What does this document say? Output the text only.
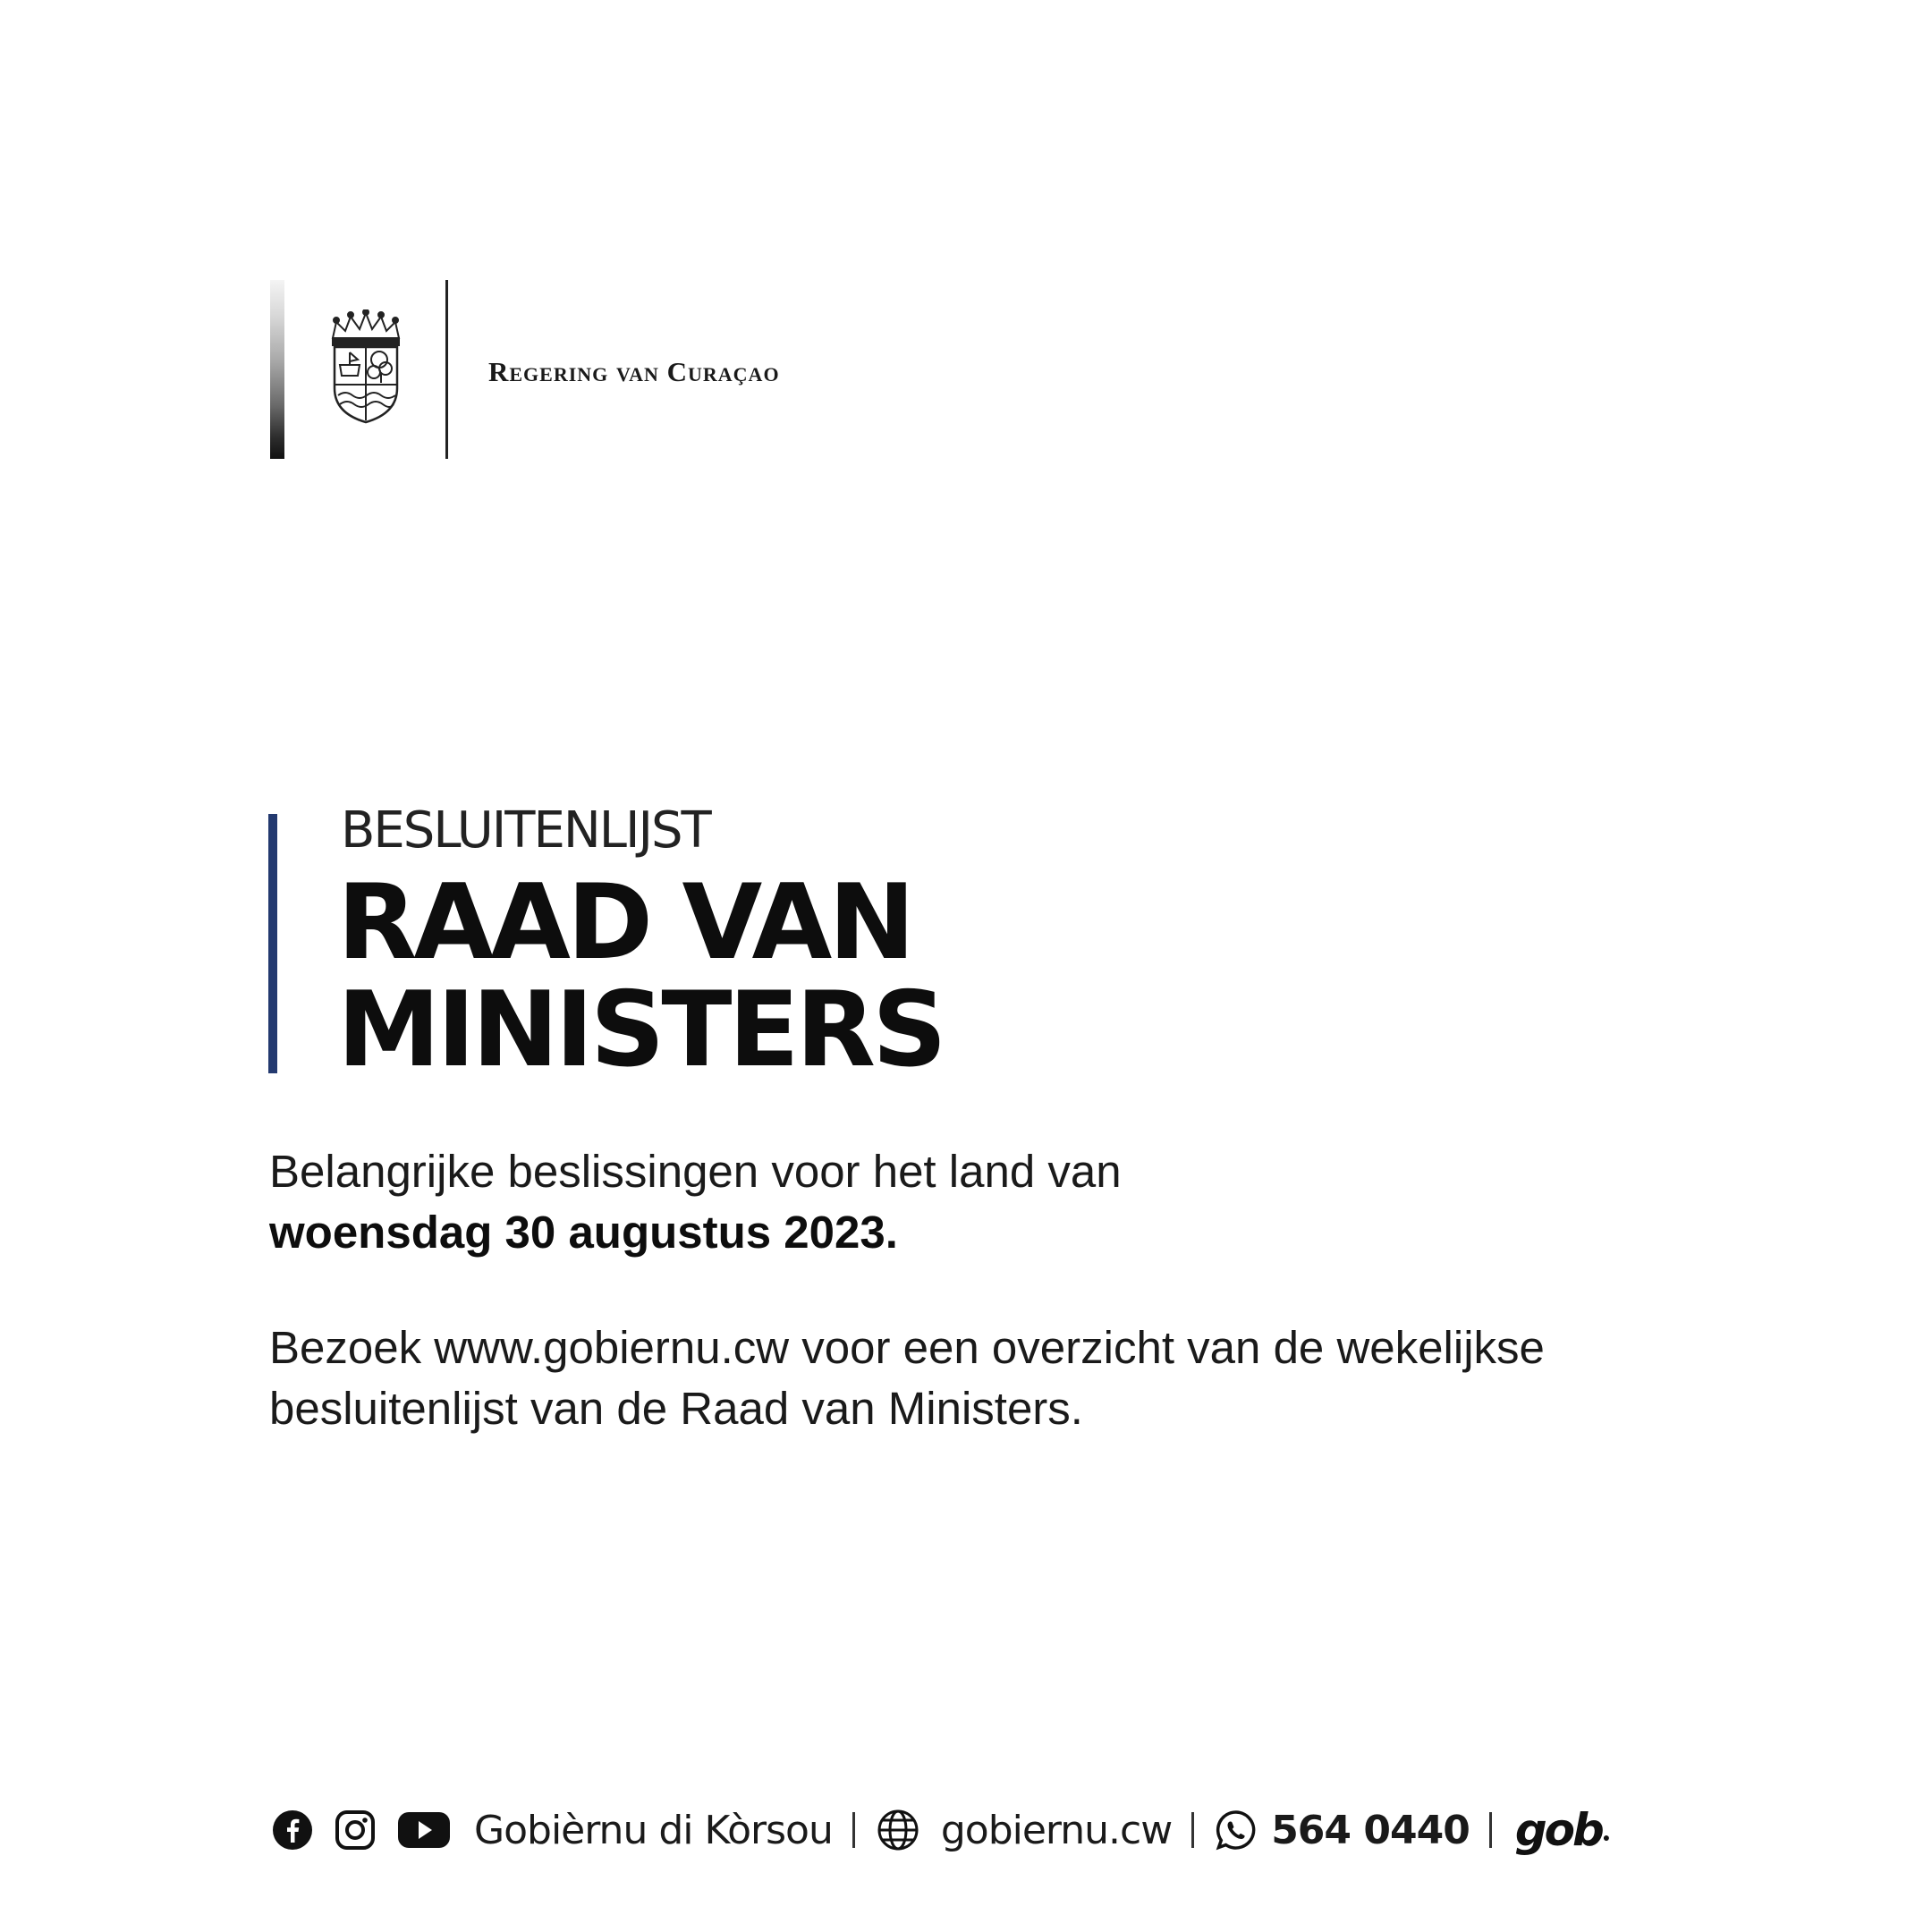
Regering van Curaçao
BESLUITENLIJST
RAAD VAN
MINISTERS
Belangrijke beslissingen voor het land van
woensdag 30 augustus 2023.
Bezoek www.gobiernu.cw voor een overzicht van de wekelijkse
besluitenlijst van de Raad van Ministers.
Gobièrnu di Kòrsou	gobiernu.cw	564 0440 gob ●
